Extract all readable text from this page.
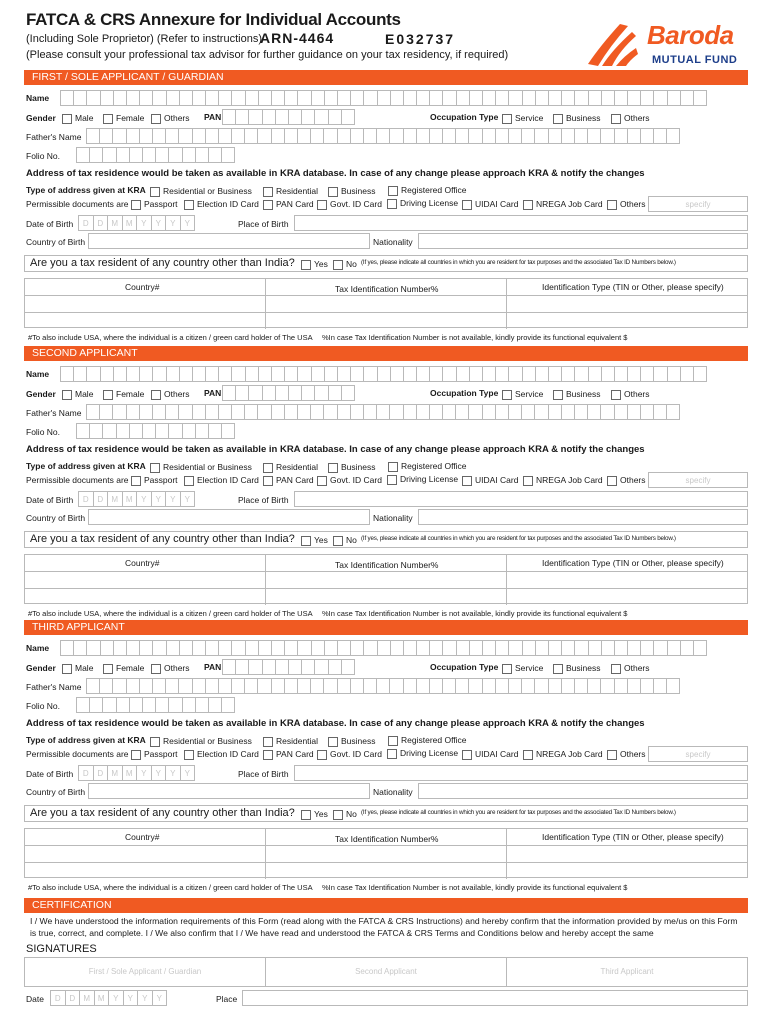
FATCA & CRS Annexure for Individual Accounts
(Including Sole Proprietor) (Refer to instructions)
ARN-4464	E032737
(Please consult your professional tax advisor for further guidance on your tax residency, if required)
Baroda
MUTUAL FUND
FIRST / SOLE APPLICANT / GUARDIAN
Name
Gender	Male	Female	Others PAN	Occupation Type	Service	Business	Others
Father's Name
Folio No.
Address of tax residence would be taken as available in KRA database. In case of any change please approach KRA & notify the changes
Type of address given at KRA	Residential or Business	Residential	Business	Registered Office
Permissible documents are	Passport	Election ID Card	PAN Card	Govt. ID Card	Driving License	UIDAI Card	NREGA Job Card	Others	specify
Date of Birth	D	D	M M	Y	Y	Y	Y	Place of Birth
Country of Birth	Nationality
Are you a tax resident of any country other than India?	Yes	No (If yes, please indicate all countries in which you are resident for tax purposes and the associated Tax ID Numbers below.)
Country#	Tax Identification Number%	Identification Type (TIN or Other, please specify)
#To also include USA, where the individual is a citizen / green card holder of The USA %In case Tax Identification Number is not available, kindly provide its functional equivalent $
SECOND APPLICANT
Name
Gender	Male	Female	Others PAN	Occupation Type	Service	Business	Others
Father's Name
Folio No.
Address of tax residence would be taken as available in KRA database. In case of any change please approach KRA & notify the changes
Type of address given at KRA	Residential or Business	Residential	Business	Registered Office
Permissible documents are	Passport	Election ID Card	PAN Card	Govt. ID Card	Driving License	UIDAI Card	NREGA Job Card	Others	specify
Date of Birth	D	D	M M	Y	Y	Y	Y	Place of Birth
Country of Birth	Nationality
Are you a tax resident of any country other than India?	Yes	No (If yes, please indicate all countries in which you are resident for tax purposes and the associated Tax ID Numbers below.)
Country#	Tax Identification Number%	Identification Type (TIN or Other, please specify)
#To also include USA, where the individual is a citizen / green card holder of The USA %In case Tax Identification Number is not available, kindly provide its functional equivalent $
THIRD APPLICANT
Name
Gender	Male	Female	Others PAN	Occupation Type	Service	Business	Others
Father's Name
Folio No.
Address of tax residence would be taken as available in KRA database. In case of any change please approach KRA & notify the changes
Type of address given at KRA	Residential or Business	Residential	Business	Registered Office
Permissible documents are	Passport	Election ID Card	PAN Card	Govt. ID Card	Driving License	UIDAI Card	NREGA Job Card	Others	specify
Date of Birth	D	D	M M	Y	Y	Y	Y	Place of Birth
Country of Birth	Nationality
Are you a tax resident of any country other than India?	Yes	No (If yes, please indicate all countries in which you are resident for tax purposes and the associated Tax ID Numbers below.)
Country#	Tax Identification Number%	Identification Type (TIN or Other, please specify)
#To also include USA, where the individual is a citizen / green card holder of The USA %In case Tax Identification Number is not available, kindly provide its functional equivalent $
CERTIFICATION
I / We have understood the information requirements of this Form (read along with the FATCA & CRS Instructions) and hereby confirm that the information provided by me/us on this Form is true, correct, and complete. I / We also confirm that I / We have read and understood the FATCA & CRS Terms and Conditions below and hereby accept the same
SIGNATURES
First / Sole Applicant / Guardian	Second Applicant	Third Applicant
Date	D	D	M M	Y	Y	Y	Y	Place
